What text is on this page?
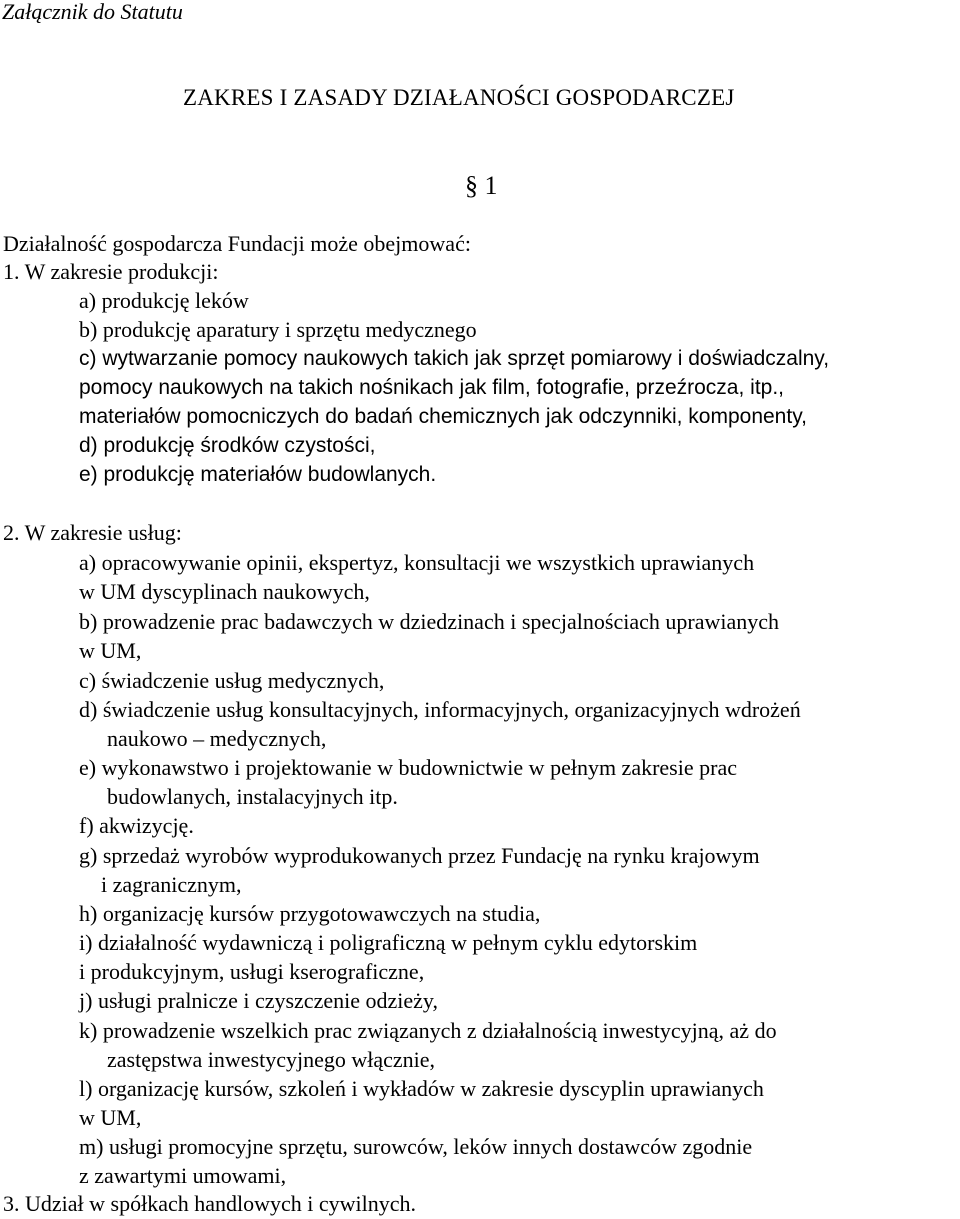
Załącznik do Statutu
ZAKRES I ZASADY DZIAŁANOŚCI GOSPODARCZEJ
§ 1
Działalność gospodarcza Fundacji może obejmować:
1. W zakresie produkcji:
a) produkcję leków
b) produkcję aparatury i sprzętu medycznego
c) wytwarzanie pomocy naukowych takich jak sprzęt pomiarowy i doświadczalny,
pomocy naukowych na takich nośnikach jak film, fotografie, przeźrocza, itp.,
materiałów pomocniczych do badań chemicznych jak odczynniki, komponenty,
d) produkcję środków czystości,
e) produkcję materiałów budowlanych.
2. W zakresie usług:
a) opracowywanie opinii, ekspertyz, konsultacji we wszystkich uprawianych
w UM dyscyplinach naukowych,
b) prowadzenie prac badawczych w dziedzinach i specjalnościach uprawianych
w UM,
c) świadczenie usług medycznych,
d) świadczenie usług konsultacyjnych, informacyjnych, organizacyjnych wdrożeń
naukowo – medycznych,
e) wykonawstwo i projektowanie w budownictwie w pełnym zakresie prac
budowlanych, instalacyjnych itp.
f) akwizycję.
g) sprzedaż wyrobów wyprodukowanych przez Fundację na rynku krajowym
i zagranicznym,
h) organizację kursów przygotowawczych na studia,
i) działalność wydawniczą i poligraficzną w pełnym cyklu edytorskim
i produkcyjnym, usługi kserograficzne,
j) usługi pralnicze i czyszczenie odzieży,
k) prowadzenie wszelkich prac związanych z działalnością inwestycyjną, aż do
zastępstwa inwestycyjnego włącznie,
l) organizację kursów, szkoleń i wykładów w zakresie dyscyplin uprawianych
w UM,
m) usługi promocyjne sprzętu, surowców, leków innych dostawców zgodnie
z zawartymi umowami,
3. Udział w spółkach handlowych i cywilnych.
